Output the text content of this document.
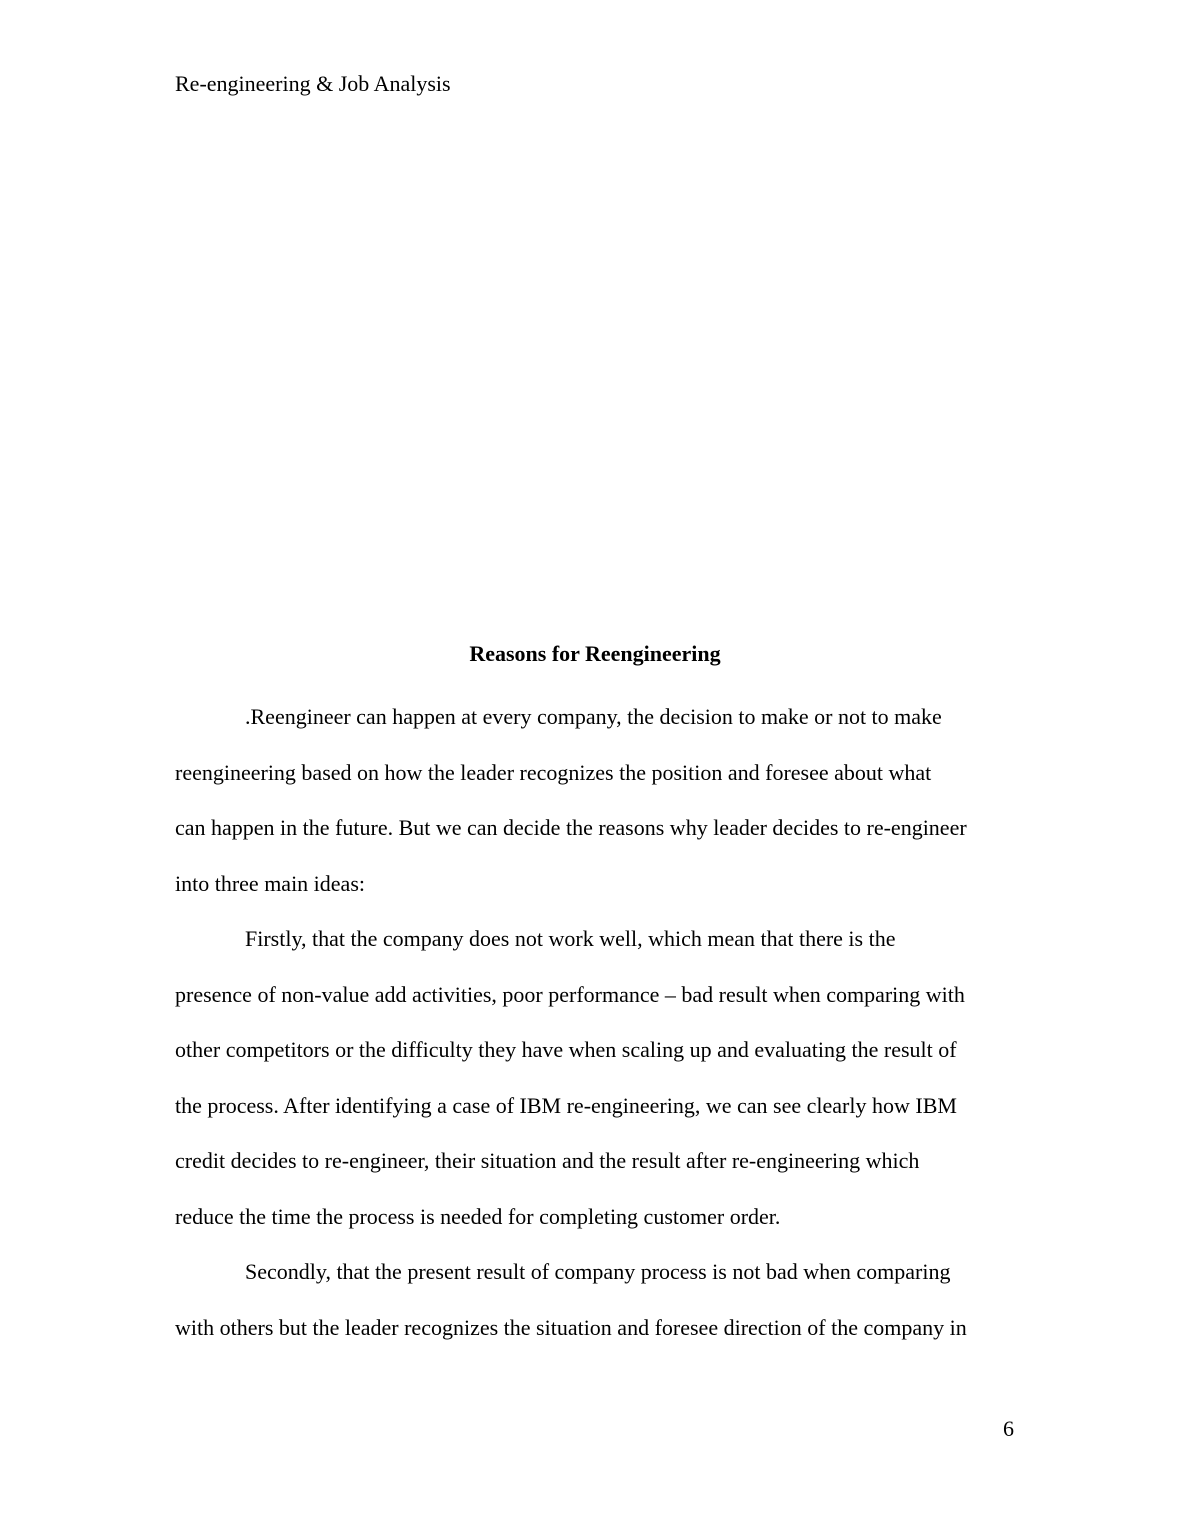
Re-engineering & Job Analysis
Reasons for Reengineering

.Reengineer can happen at every company, the decision to make or not to make
reengineering based on how the leader recognizes the position and foresee about what
can happen in the future. But we can decide the reasons why leader decides to re-engineer
into three main ideas:

Firstly, that the company does not work well, which mean that there is the
presence of non-value add activities, poor performance – bad result when comparing with
other competitors or the difficulty they have when scaling up and evaluating the result of
the process. After identifying a case of IBM re-engineering, we can see clearly how IBM
credit decides to re-engineer, their situation and the result after re-engineering which
reduce the time the process is needed for completing customer order.

Secondly, that the present result of company process is not bad when comparing
with others but the leader recognizes the situation and foresee direction of the company in

6
